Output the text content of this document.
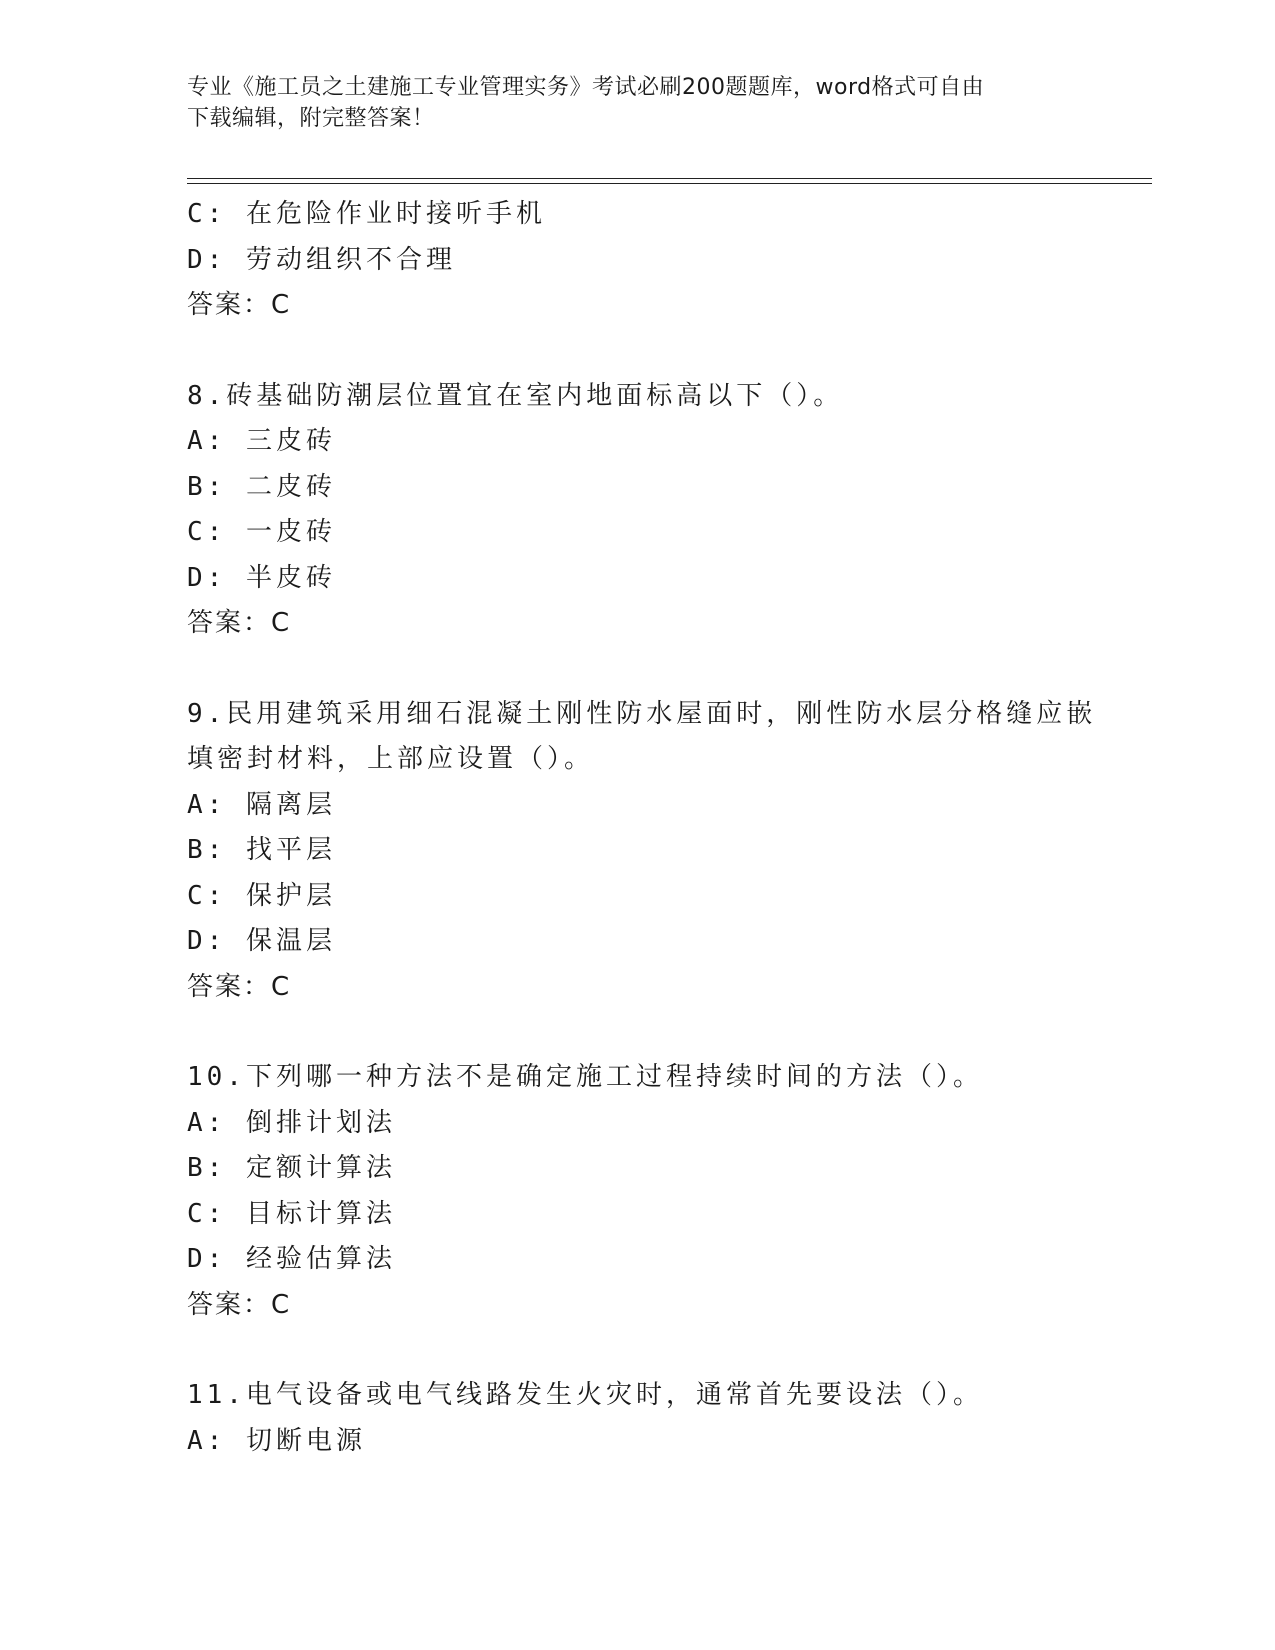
专业《施工员之土建施工专业管理实务》考试必刷200题题库，word格式可自由
下载编辑，附完整答案！
C: 在危险作业时接听手机
D: 劳动组织不合理
答案：C
8.砖基础防潮层位置宜在室内地面标高以下（）。
A: 三皮砖
B: 二皮砖
C: 一皮砖
D: 半皮砖
答案：C
9.民用建筑采用细石混凝土刚性防水屋面时，刚性防水层分格缝应嵌
填密封材料，上部应设置（）。
A: 隔离层
B: 找平层
C: 保护层
D: 保温层
答案：C
10.下列哪一种方法不是确定施工过程持续时间的方法（）。
A: 倒排计划法
B: 定额计算法
C: 目标计算法
D: 经验估算法
答案：C
11.电气设备或电气线路发生火灾时，通常首先要设法（）。
A: 切断电源
